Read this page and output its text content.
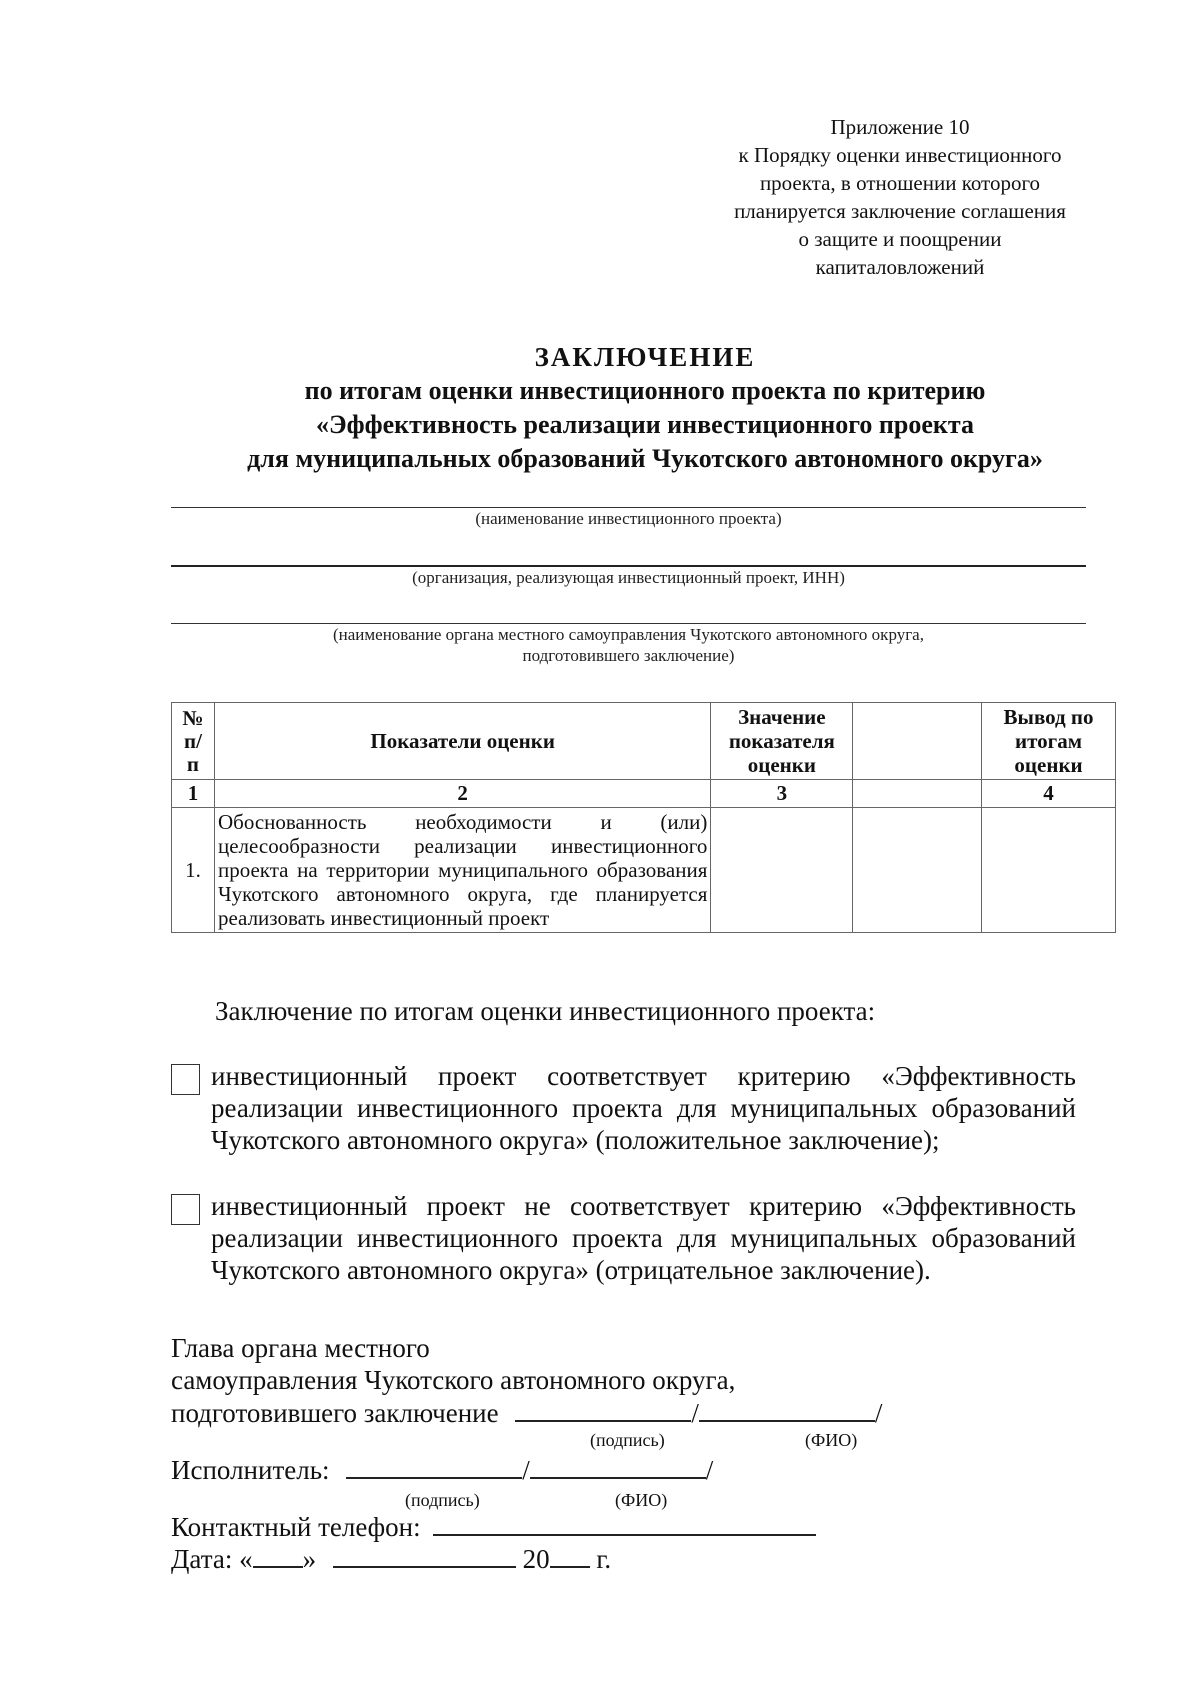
Приложение 10
к Порядку оценки инвестиционного
проекта, в отношении которого
планируется заключение соглашения
о защите и поощрении
капиталовложений
ЗАКЛЮЧЕНИЕ
по итогам оценки инвестиционного проекта по критерию
«Эффективность реализации инвестиционного проекта
для муниципальных образований Чукотского автономного округа»
(наименование инвестиционного проекта)
(организация, реализующая инвестиционный проект, ИНН)
(наименование органа местного самоуправления Чукотского автономного округа,
подготовившего заключение)
№ п/п	Показатели оценки	Значение показателя оценки		Вывод по итогам оценки
1	2	3		4
1.	Обоснованность необходимости и (или) целесообразности реализации инвестиционного проекта на территории муниципального образования Чукотского автономного округа, где планируется реализовать инвестиционный проект			
Заключение по итогам оценки инвестиционного проекта:
инвестиционный проект соответствует критерию «Эффективность реализации инвестиционного проекта для муниципальных образований Чукотского автономного округа» (положительное заключение);
инвестиционный проект не соответствует критерию «Эффективность реализации инвестиционного проекта для муниципальных образований Чукотского автономного округа» (отрицательное заключение).
Глава органа местного
самоуправления Чукотского автономного округа,
подготовившего заключение	/	/
(подпись)	(ФИО)
Исполнитель:	/	/
(подпись)	(ФИО)
Контактный телефон:
Дата: « »	20 г.
